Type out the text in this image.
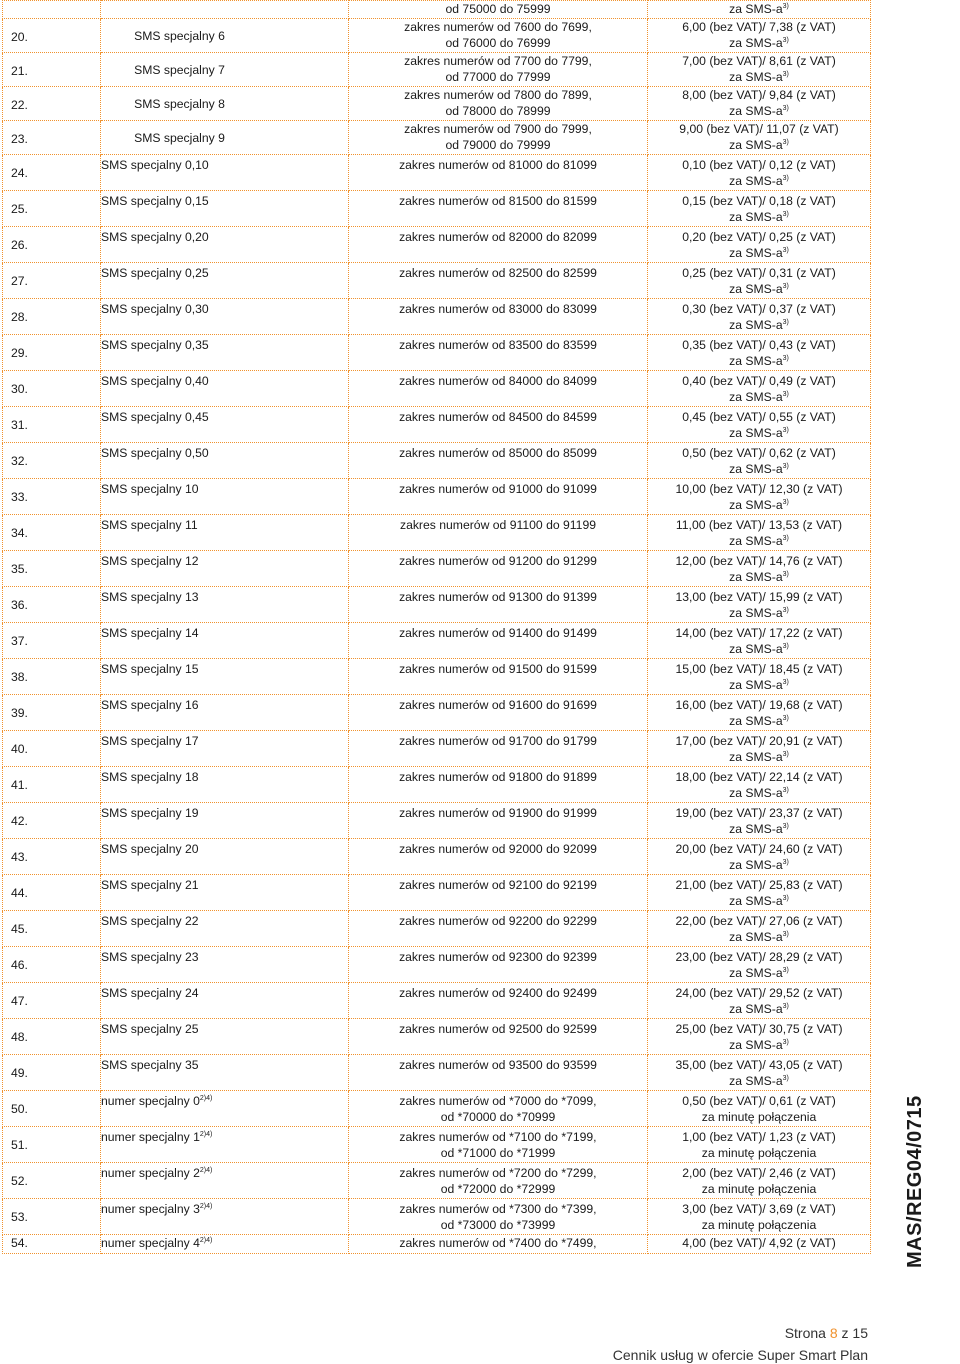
		od 75000 do 75999	za SMS-$a^{3)}$

20.	SMS specjalny 6	zakres numerów od 7600 do 7699,
od 76000 do 76999	6,00 (bez VAT)/ 7,38 (z VAT)
za SMS-$a^{3)}$

21.	SMS specjalny 7	zakres numerów od 7700 do 7799,
od 77000 do 77999	7,00 (bez VAT)/ 8,61 (z VAT)
za SMS-$a^{3)}$

22.	SMS specjalny 8	zakres numerów od 7800 do 7899,
od 78000 do 78999	8,00 (bez VAT)/ 9,84 (z VAT)
za SMS-$a^{3)}$

23.	SMS specjalny 9	zakres numerów od 7900 do 7999,
od 79000 do 79999	9,00 (bez VAT)/ 11,07 (z VAT)
za SMS-$a^{3)}$

24.	SMS specjalny 0,10	zakres numerów od 81000 do 81099	0,10 (bez VAT)/ 0,12 (z VAT)
za SMS-$a^{3)}$

25.	SMS specjalny 0,15	zakres numerów od 81500 do 81599	0,15 (bez VAT)/ 0,18 (z VAT)
za SMS-$a^{3)}$

26.	SMS specjalny 0,20	zakres numerów od 82000 do 82099	0,20 (bez VAT)/ 0,25 (z VAT)
za SMS-$a^{3)}$

27.	SMS specjalny 0,25	zakres numerów od 82500 do 82599	0,25 (bez VAT)/ 0,31 (z VAT)
za SMS-$a^{3)}$

28.	SMS specjalny 0,30	zakres numerów od 83000 do 83099	0,30 (bez VAT)/ 0,37 (z VAT)
za SMS-$a^{3)}$

29.	SMS specjalny 0,35	zakres numerów od 83500 do 83599	0,35 (bez VAT)/ 0,43 (z VAT)
za SMS-$a^{3)}$

30.	SMS specjalny 0,40	zakres numerów od 84000 do 84099	0,40 (bez VAT)/ 0,49 (z VAT)
za SMS-$a^{3)}$

31.	SMS specjalny 0,45	zakres numerów od 84500 do 84599	0,45 (bez VAT)/ 0,55 (z VAT)
za SMS-$a^{3)}$

32.	SMS specjalny 0,50	zakres numerów od 85000 do 85099	0,50 (bez VAT)/ 0,62 (z VAT)
za SMS-$a^{3)}$

33.	SMS specjalny 10	zakres numerów od 91000 do 91099	10,00 (bez VAT)/ 12,30 (z VAT)
za SMS-$a^{3)}$

34.	SMS specjalny 11	zakres numerów od 91100 do 91199	11,00 (bez VAT)/ 13,53 (z VAT)
za SMS-$a^{3)}$

35.	SMS specjalny 12	zakres numerów od 91200 do 91299	12,00 (bez VAT)/ 14,76 (z VAT)
za SMS-$a^{3)}$

36.	SMS specjalny 13	zakres numerów od 91300 do 91399	13,00 (bez VAT)/ 15,99 (z VAT)
za SMS-$a^{3)}$

37.	SMS specjalny 14	zakres numerów od 91400 do 91499	14,00 (bez VAT)/ 17,22 (z VAT)
za SMS-$a^{3)}$

38.	SMS specjalny 15	zakres numerów od 91500 do 91599	15,00 (bez VAT)/ 18,45 (z VAT)
za SMS-$a^{3)}$

39.	SMS specjalny 16	zakres numerów od 91600 do 91699	16,00 (bez VAT)/ 19,68 (z VAT)
za SMS-$a^{3)}$

40.	SMS specjalny 17	zakres numerów od 91700 do 91799	17,00 (bez VAT)/ 20,91 (z VAT)
za SMS-$a^{3)}$

41.	SMS specjalny 18	zakres numerów od 91800 do 91899	18,00 (bez VAT)/ 22,14 (z VAT)
za SMS-$a^{3)}$

42.	SMS specjalny 19	zakres numerów od 91900 do 91999	19,00 (bez VAT)/ 23,37 (z VAT)
za SMS-$a^{3)}$

43.	SMS specjalny 20	zakres numerów od 92000 do 92099	20,00 (bez VAT)/ 24,60 (z VAT)
za SMS-$a^{3)}$

44.	SMS specjalny 21	zakres numerów od 92100 do 92199	21,00 (bez VAT)/ 25,83 (z VAT)
za SMS-$a^{3)}$

45.	SMS specjalny 22	zakres numerów od 92200 do 92299	22,00 (bez VAT)/ 27,06 (z VAT)
za SMS-$a^{3)}$

46.	SMS specjalny 23	zakres numerów od 92300 do 92399	23,00 (bez VAT)/ 28,29 (z VAT)
za SMS-$a^{3)}$

47.	SMS specjalny 24	zakres numerów od 92400 do 92499	24,00 (bez VAT)/ 29,52 (z VAT)
za SMS-$a^{3)}$

48.	SMS specjalny 25	zakres numerów od 92500 do 92599	25,00 (bez VAT)/ 30,75 (z VAT)
za SMS-$a^{3)}$

49.	SMS specjalny 35	zakres numerów od 93500 do 93599	35,00 (bez VAT)/ 43,05 (z VAT)
za SMS-$a^{3)}$

50.	numer specjalny $0^{2)4)}$	zakres numerów od *7000 do *7099,
od *70000 do *70999	0,50 (bez VAT)/ 0,61 (z VAT)
za minutę połączenia

51.	numer specjalny $1^{2)4)}$	zakres numerów od *7100 do *7199,
od *71000 do *71999	1,00 (bez VAT)/ 1,23 (z VAT)
za minutę połączenia

52.	numer specjalny $2^{2)4)}$	zakres numerów od *7200 do *7299,
od *72000 do *72999	2,00 (bez VAT)/ 2,46 (z VAT)
za minutę połączenia

53.	numer specjalny $3^{2)4)}$	zakres numerów od *7300 do *7399,
od *73000 do *73999	3,00 (bez VAT)/ 3,69 (z VAT)
za minutę połączenia

54.	numer specjalny $4^{2)4)}$	zakres numerów od *7400 do *7499,	4,00 (bez VAT)/ 4,92 (z VAT)	MAS/REG04/0715
Strona 8 z 15
Cennik usług w ofercie Super Smart Plan
